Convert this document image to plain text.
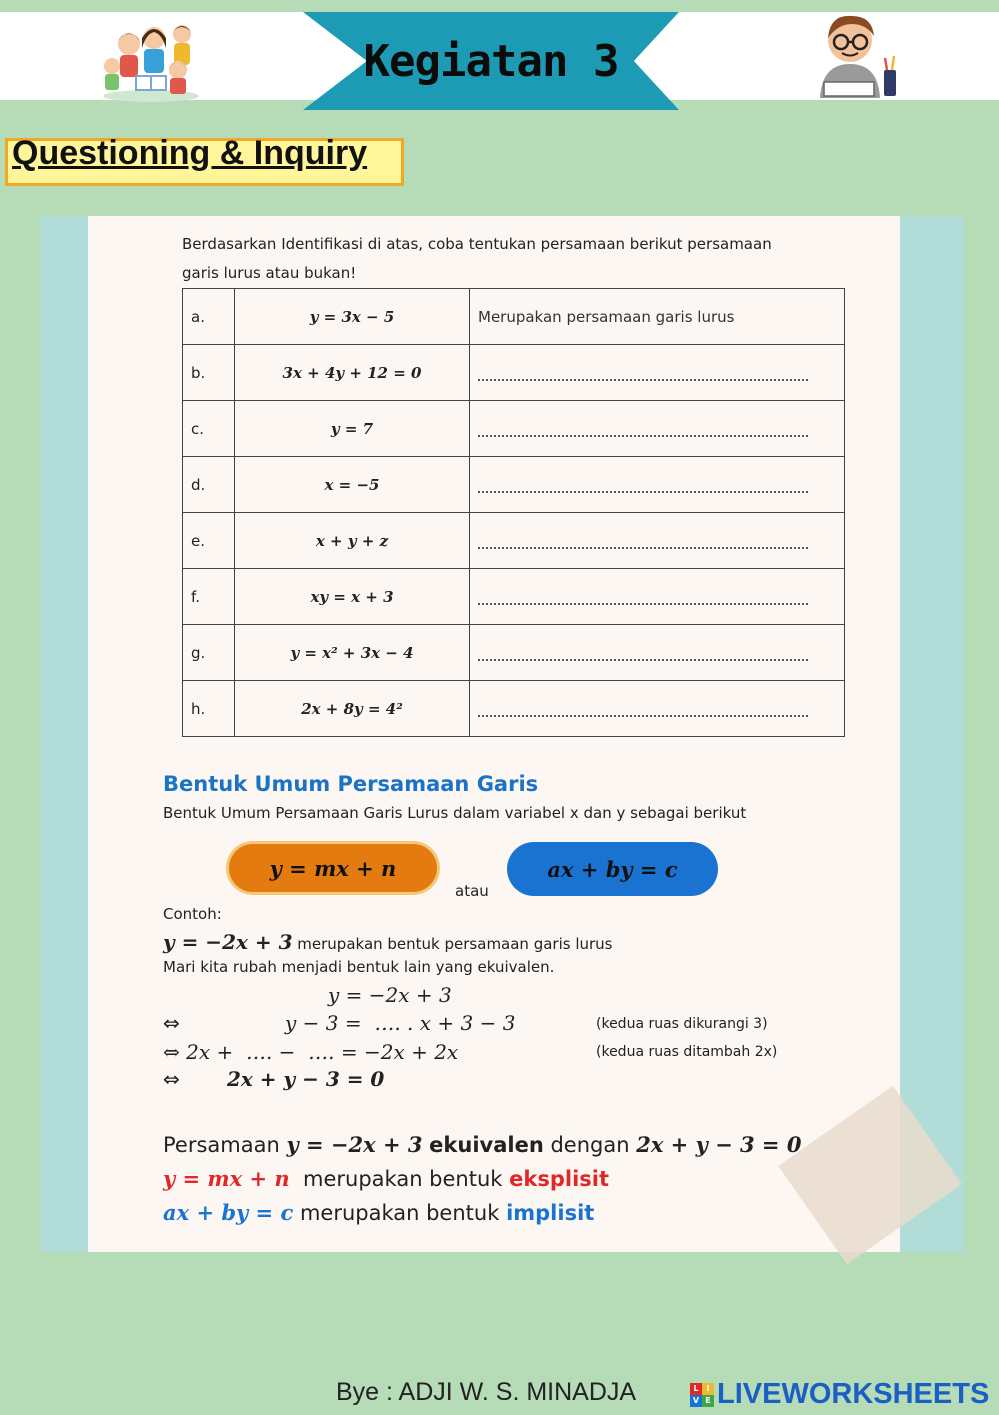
Kegiatan 3
Questioning & Inquiry
Berdasarkan Identifikasi di atas, coba tentukan persamaan berikut persamaan
garis lurus atau bukan!
a.	y = 3x − 5	Merupakan persamaan garis lurus
b.	3x + 4y + 12 = 0	

c.	y = 7	

d.	x = −5	

e.	x + y + z	

f.	xy = x + 3	

g.	y = x² + 3x − 4	

h.	2x + 8y = 4²	
Bentuk Umum Persamaan Garis
Bentuk Umum Persamaan Garis Lurus dalam variabel x dan y sebagai berikut
y = mx + n
atau
ax + by = c
Contoh:
y = −2x + 3 merupakan bentuk persamaan garis lurus
Mari kita rubah menjadi bentuk lain yang ekuivalen.
y = −2x + 3
⇔	y − 3 =  …. . x + 3 − 3	(kedua ruas dikurangi 3)
⇔ 2x +  …. −  …. = −2x + 2x	(kedua ruas ditambah 2x)
⇔ 2x + y − 3 = 0
Persamaan y = −2x + 3 ekuivalen dengan 2x + y − 3 = 0
y = mx + n merupakan bentuk eksplisit
ax + by = c merupakan bentuk implisit
Bye : ADJI W. S. MINADJA	L I
V E LIVEWORKSHEETS
